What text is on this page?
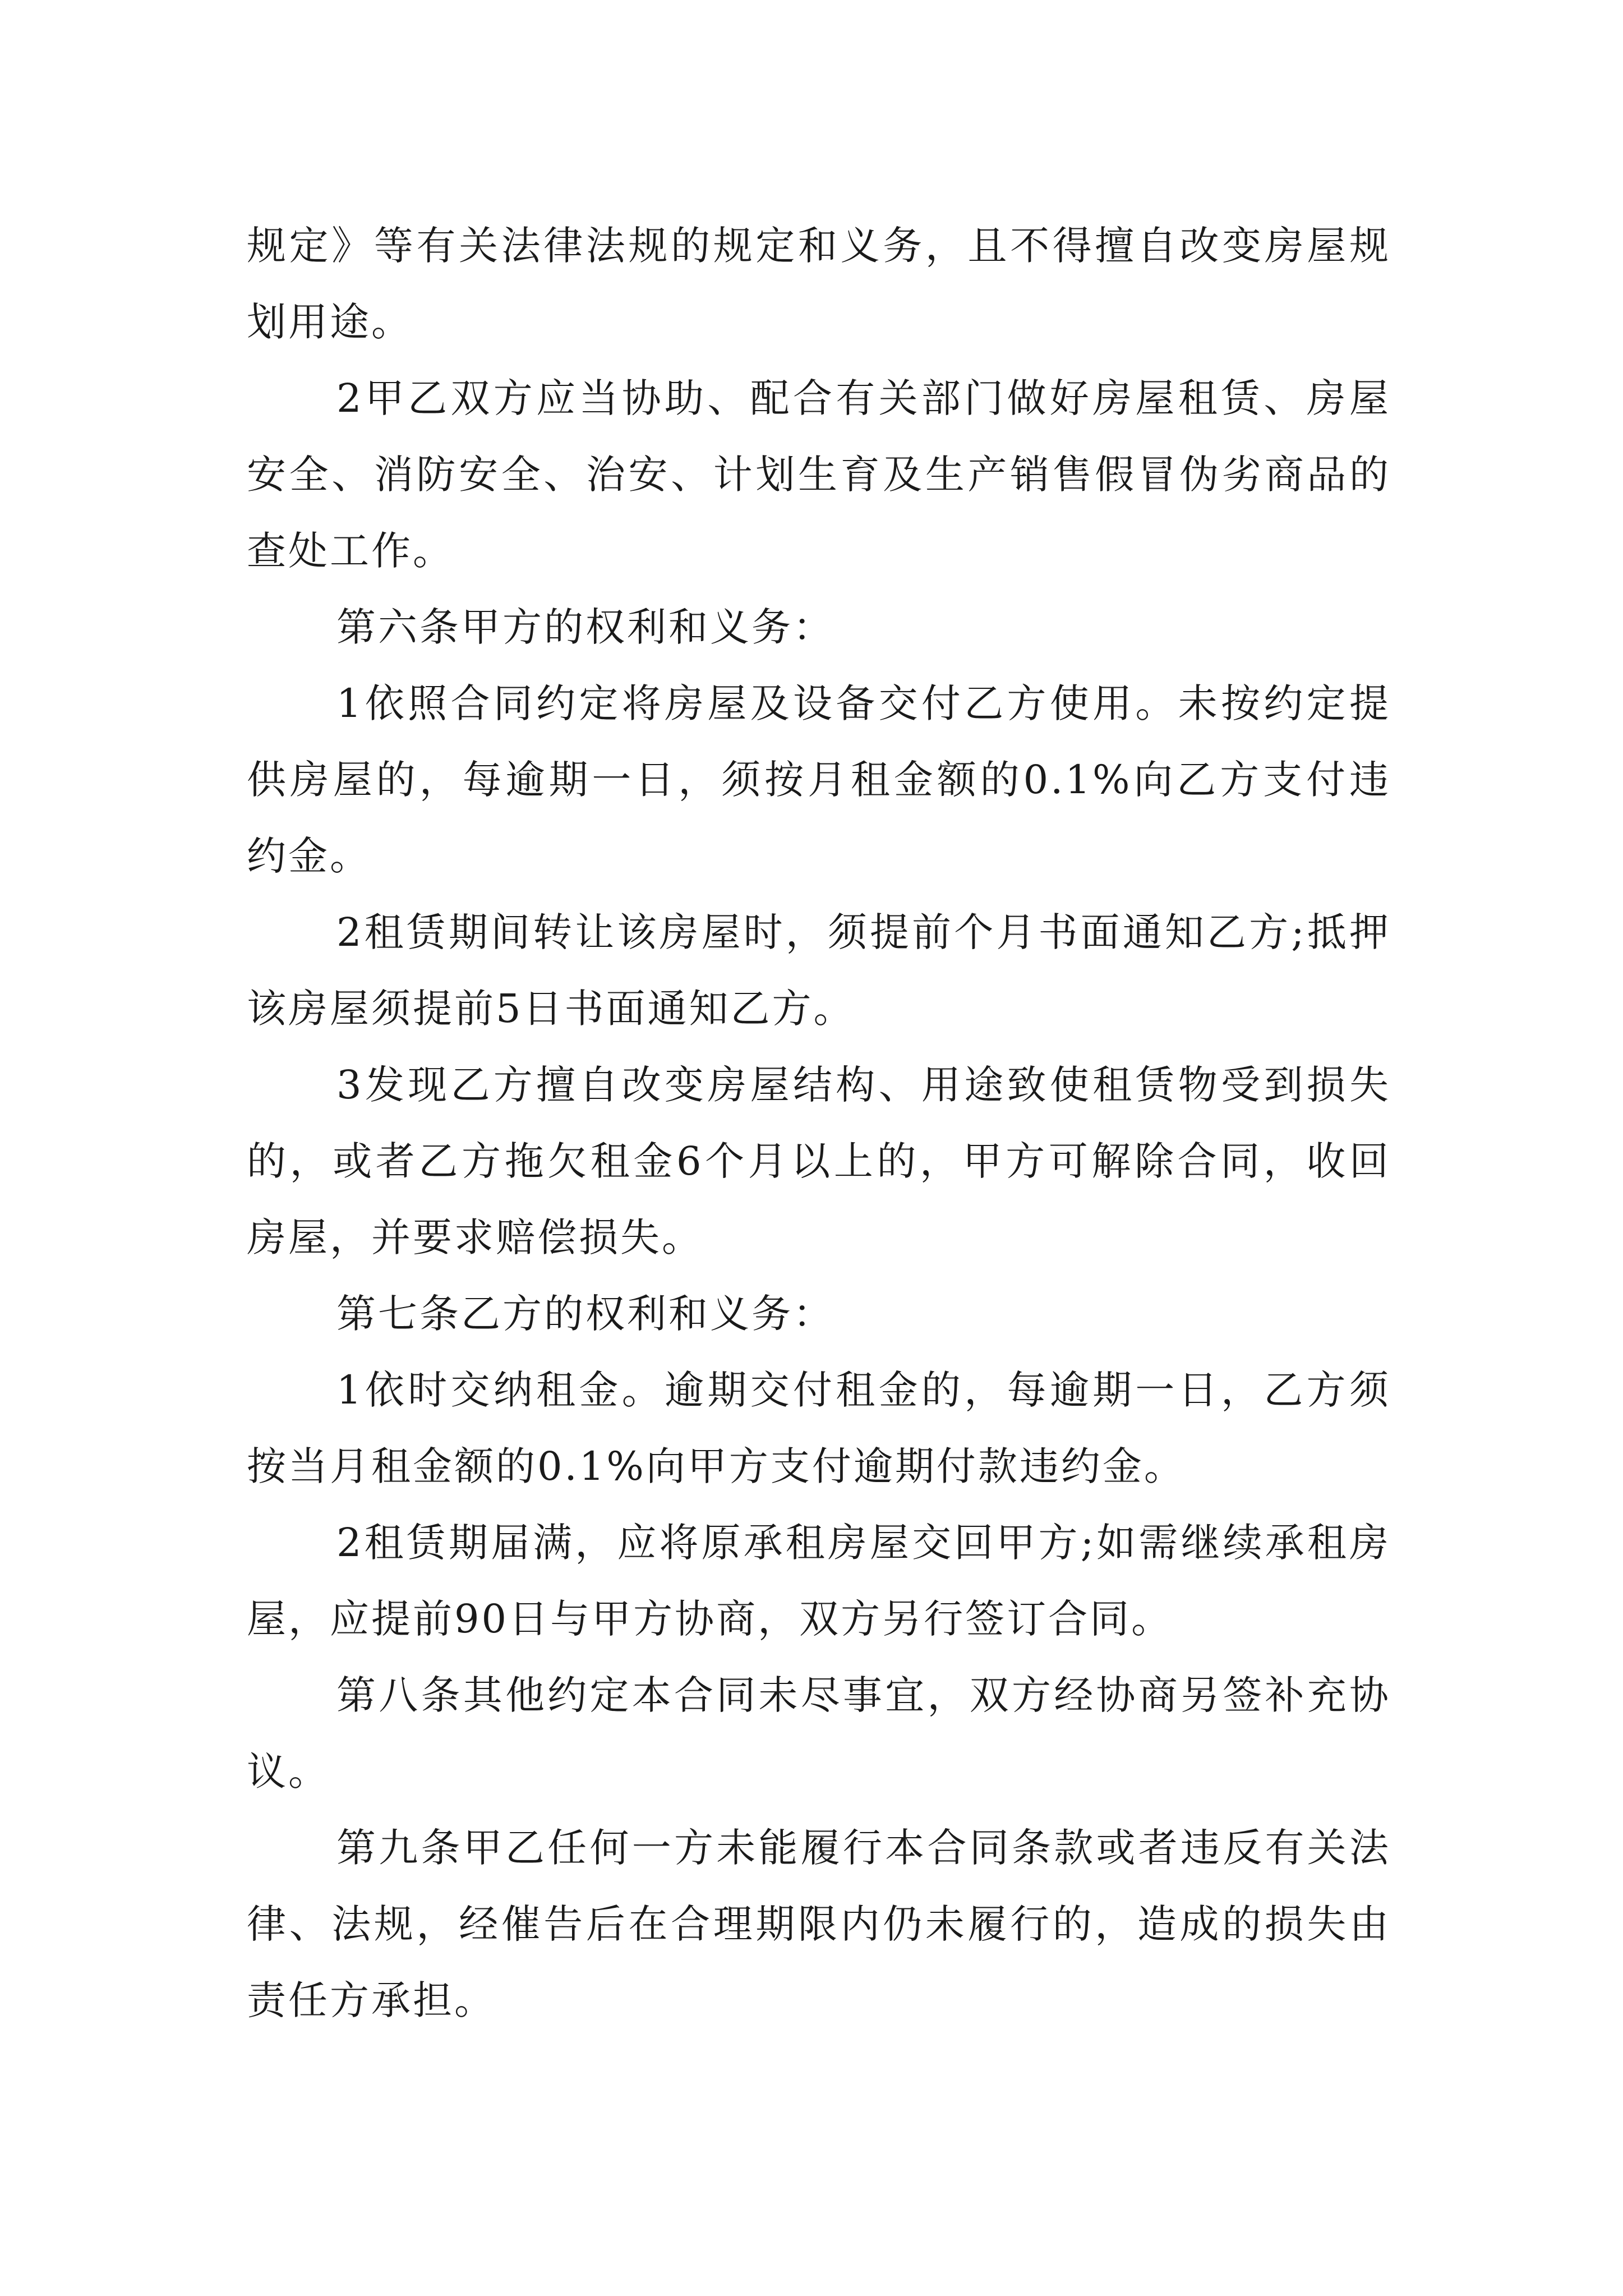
规定》等有关法律法规的规定和义务，且不得擅自改变房屋规划用途。

2甲乙双方应当协助、配合有关部门做好房屋租赁、房屋安全、消防安全、治安、计划生育及生产销售假冒伪劣商品的查处工作。

第六条甲方的权利和义务：

1依照合同约定将房屋及设备交付乙方使用。未按约定提供房屋的，每逾期一日，须按月租金额的0.1%向乙方支付违约金。

2租赁期间转让该房屋时，须提前个月书面通知乙方;抵押该房屋须提前5日书面通知乙方。

3发现乙方擅自改变房屋结构、用途致使租赁物受到损失的，或者乙方拖欠租金6个月以上的，甲方可解除合同，收回房屋，并要求赔偿损失。

第七条乙方的权利和义务：

1依时交纳租金。逾期交付租金的，每逾期一日，乙方须按当月租金额的0.1%向甲方支付逾期付款违约金。

2租赁期届满，应将原承租房屋交回甲方;如需继续承租房屋，应提前90日与甲方协商，双方另行签订合同。

第八条其他约定本合同未尽事宜，双方经协商另签补充协议。

第九条甲乙任何一方未能履行本合同条款或者违反有关法律、法规，经催告后在合理期限内仍未履行的，造成的损失由责任方承担。
